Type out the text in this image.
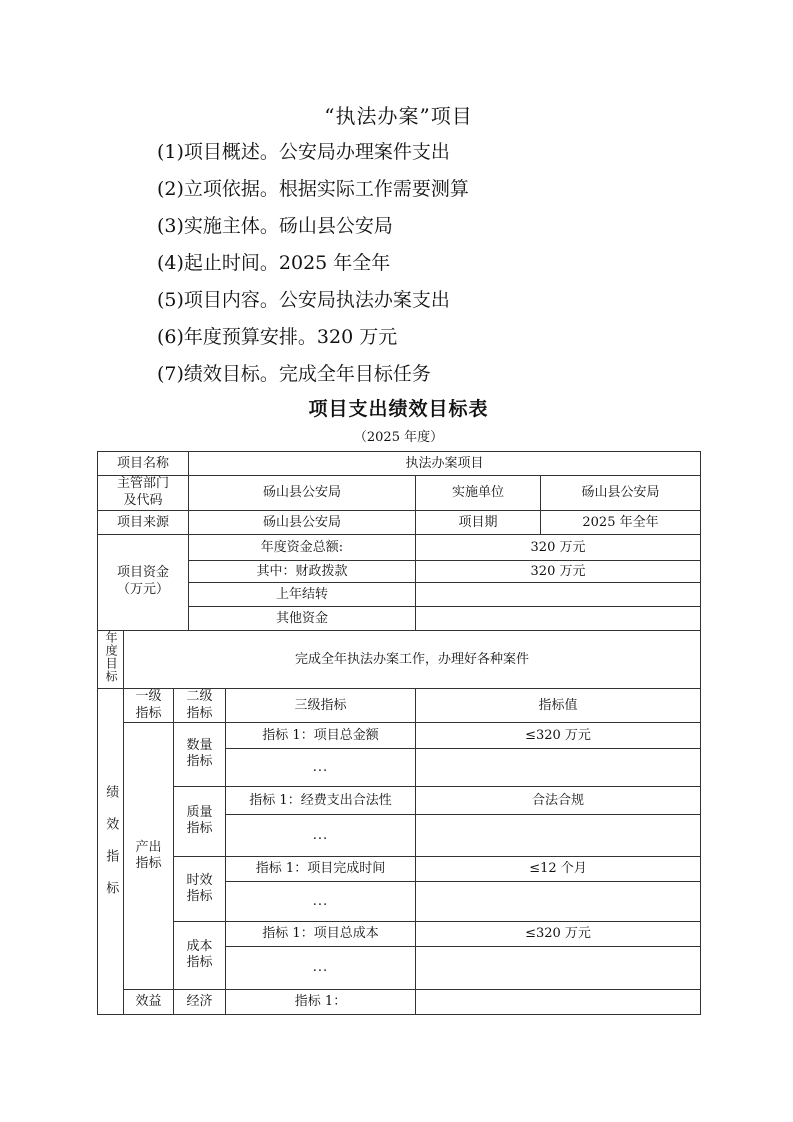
“执法办案”项目
(1)项目概述。公安局办理案件支出
(2)立项依据。根据实际工作需要测算
(3)实施主体。砀山县公安局
(4)起止时间。2025 年全年
(5)项目内容。公安局执法办案支出
(6)年度预算安排。320 万元
(7)绩效目标。完成全年目标任务
项目支出绩效目标表
（2025 年度）
项目名称			执法办案项目			
主管部门及代码			砀山县公安局		实施单位	砀山县公安局
项目来源			砀山县公安局		项目期	2025 年全年
项目资金（万元）			年度资金总额:		320 万元	
			其中：财政拨款		320 万元	
			上年结转			
			其他资金			
年度目标	完成全年执法办案工作，办理好各种案件					
绩效指标	一级指标	二级指标		三级指标	指标值	
	产出指标	数量指标		指标 1：项目总金额	≤320 万元	
				...		
		质量指标		指标 1：经费支出合法性	合法合规	
				...		
		时效指标		指标 1：项目完成时间	≤12 个月	
				...		
		成本指标		指标 1：项目总成本	≤320 万元	
				...		
	效益	经济		指标 1：		
